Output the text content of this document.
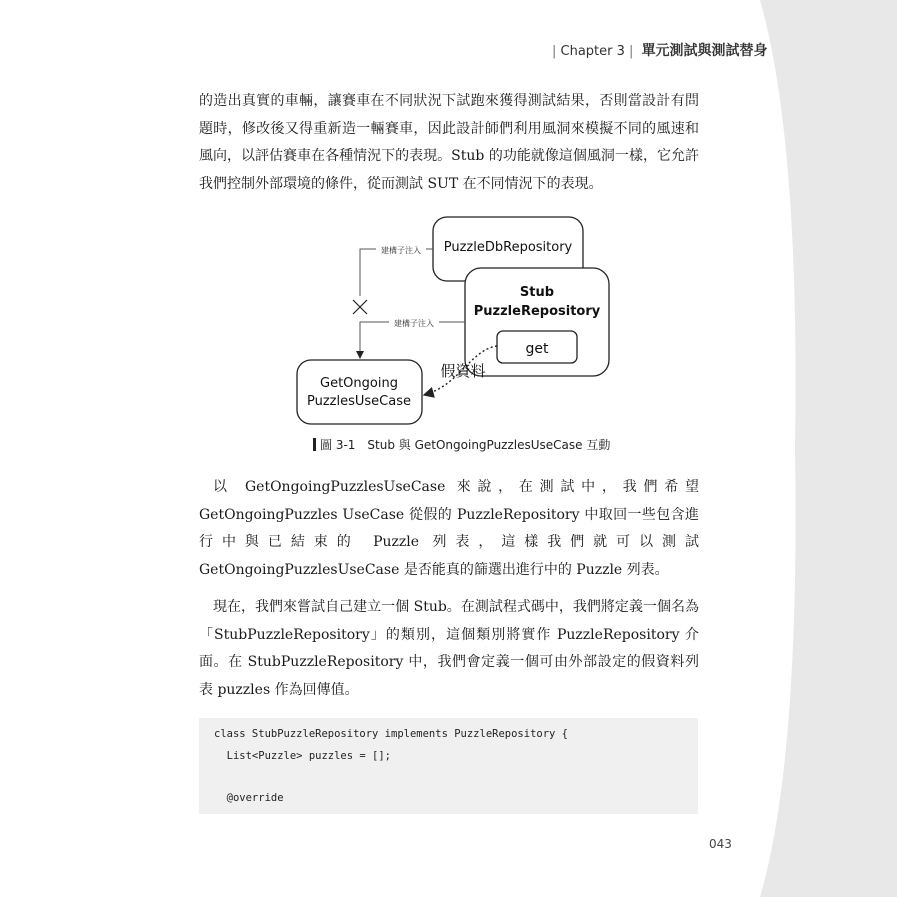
| Chapter 3 | 單元測試與測試替身

的造出真實的車輛，讓賽車在不同狀況下試跑來獲得測試結果，否則當設計有問題時，修改後又得重新造一輛賽車，因此設計師們利用風洞來模擬不同的風速和風向，以評估賽車在各種情況下的表現。Stub 的功能就像這個風洞一樣，它允許我們控制外部環境的條件，從而測試 SUT 在不同情況下的表現。

PuzzleDbRepository
Stub
PuzzleRepository
get
GetOngoing
PuzzlesUseCase
建構子注入
建構子注入
假資料
圖 3-1 Stub 與 GetOngoingPuzzlesUseCase 互動

以 GetOngoingPuzzlesUseCase 來說，在測試中，我們希望 GetOngoingPuzzles UseCase 從假的 PuzzleRepository 中取回一些包含進行中與已結束的 Puzzle 列表，這樣我們就可以測試 GetOngoingPuzzlesUseCase 是否能真的篩選出進行中的 Puzzle 列表。

現在，我們來嘗試自己建立一個 Stub。在測試程式碼中，我們將定義一個名為「StubPuzzleRepository」的類別，這個類別將實作 PuzzleRepository 介面。在 StubPuzzleRepository 中，我們會定義一個可由外部設定的假資料列表 puzzles 作為回傳值。

class StubPuzzleRepository implements PuzzleRepository {
List<Puzzle> puzzles = [];
@override
043
